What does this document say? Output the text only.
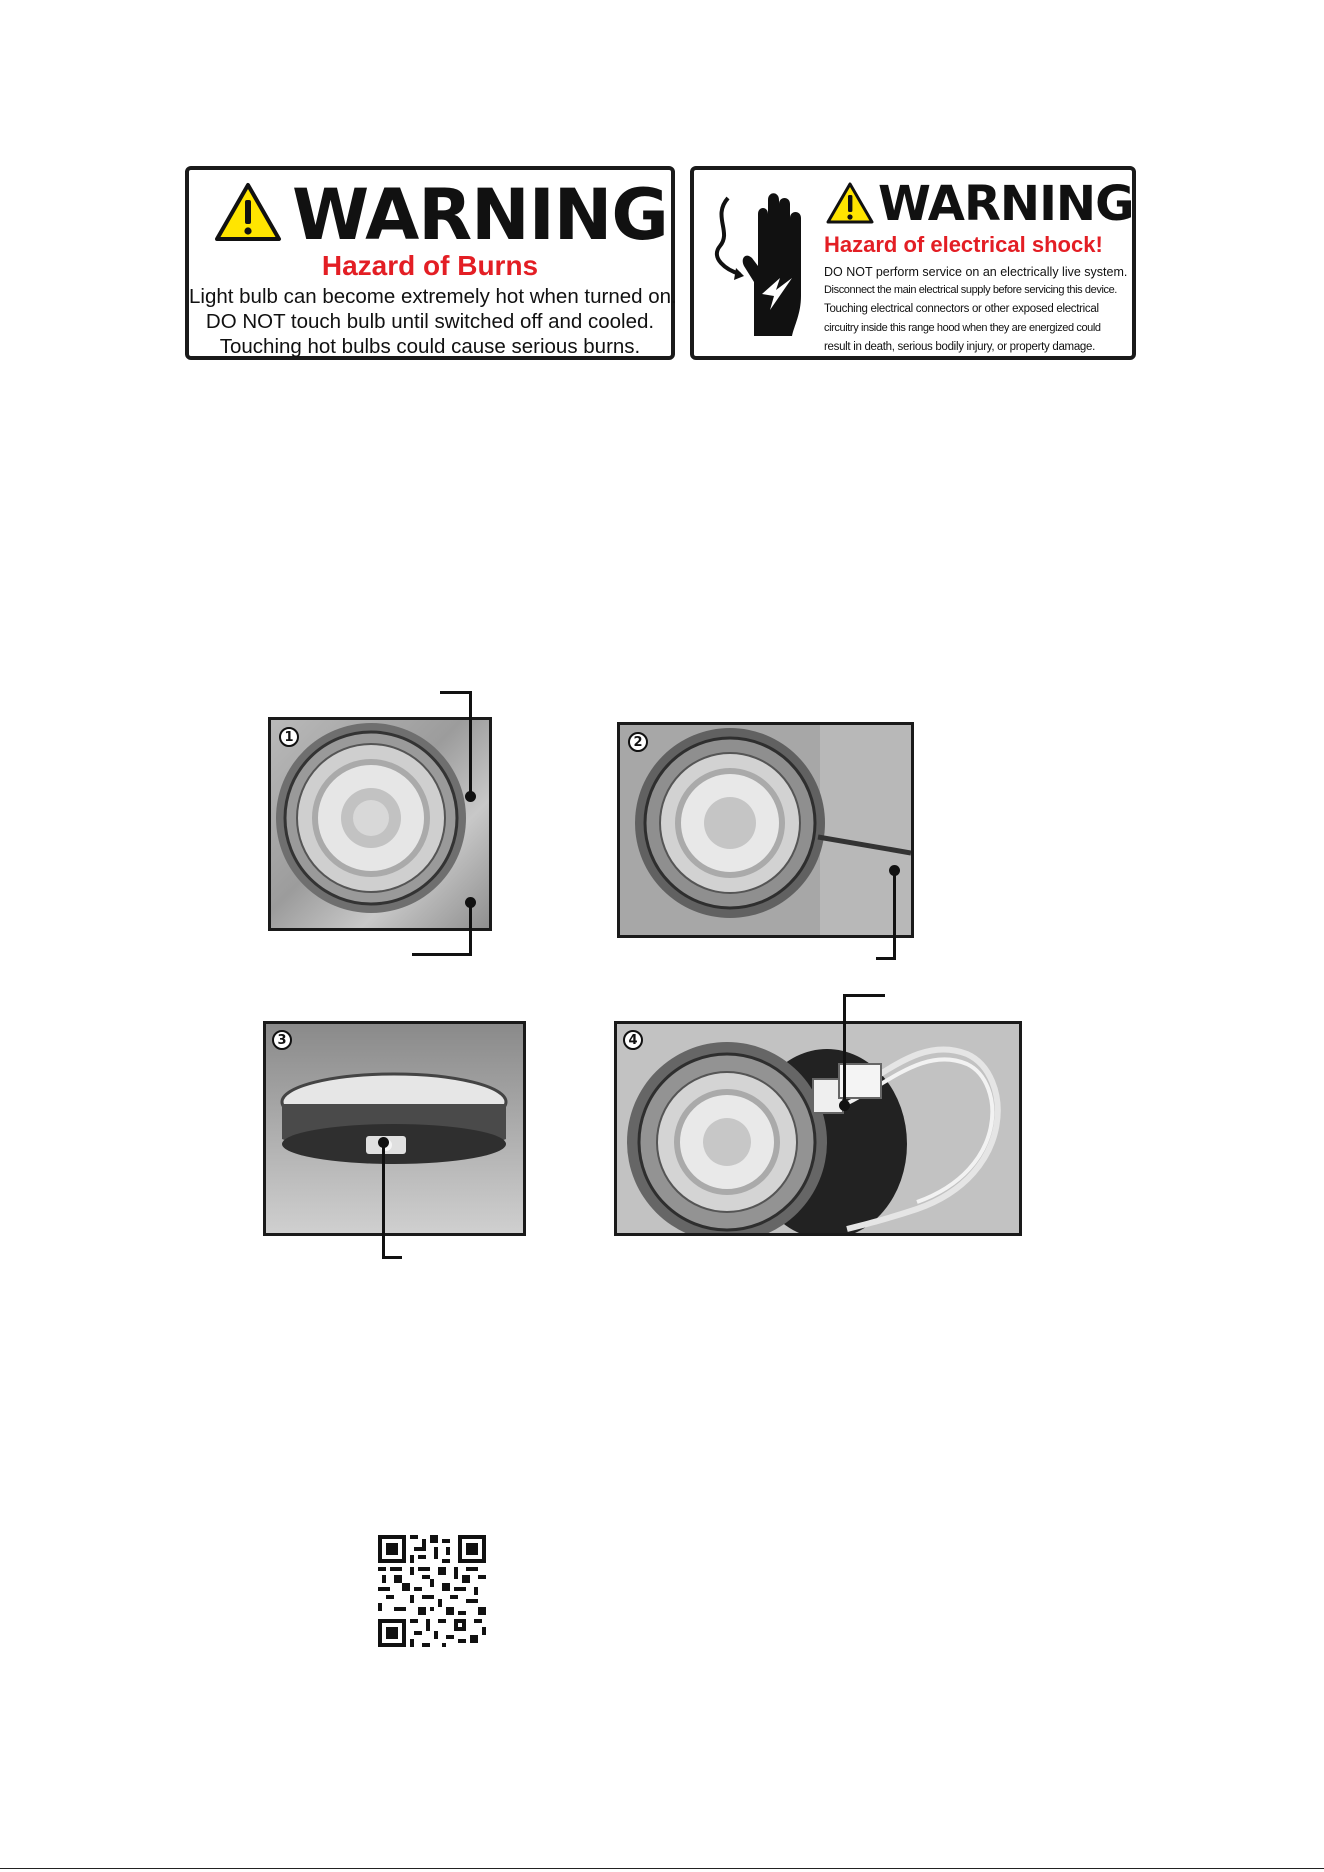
WARNING
Hazard of Burns
Light bulb can become extremely hot when turned on.
DO NOT touch bulb until switched off and cooled.
Touching hot bulbs could cause serious burns.
WARNING
Hazard of electrical shock!
DO NOT perform service on an electrically live system.
Disconnect the main electrical supply before servicing this device.
Touching electrical connectors or other exposed electrical
circuitry inside this range hood when they are energized could
result in death, serious bodily injury, or property damage.
1	2
3	4
